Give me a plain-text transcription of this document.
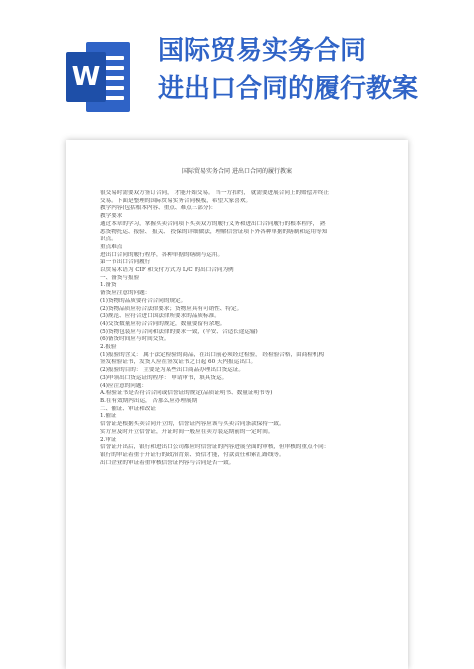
W
国际贸易实务合同
进出口合同的履行教案
国际贸易实务合同 进出口合同的履行教案
很交易时需要双方签订合同， 才能开始交易。 当一方扣约， 就需要进展合同上的赔偿并终止
交易。下面是整理的国际贸易实务合同模板，希望大家喜欢。
教学内容(包括根本内容、重点、难点三部分)：
教学要求
通过本章的学习，掌握买卖合同项下买卖双方的履行义务和进出口合同履行的根本程序， 熟
悉货物托运、报验、 报关、 投保的详细做法，理解信誉证项下外各种单据的缮制和运用等知
识点。
重点难点
进出口合同的履行程序，各种单据的缮制与运用。
第一节出口合同履行
以贸易术语为 CIF 和支付方式为 L/C 的出口合同为例
一、备货与报验
1.备货
备货应注意的问题：
(1)货物的品质要符合合同的规定。
(2)货物品质应符合法律要求；货物应具有可销性、特定。
(3)规范、应符合进口国法律所要求的品质标准。
(4)交货数量应符合合同的规定，数量要留有余地。
(5)货物包装应与合同和法律的要求一致，(平安、合适长途运输)
(6)备货时间应与时间交货。
2.报验
(1)报验的含义： 属于法定检验的商品，在出口前必须经过检验， 经检验合格，由商检机构
签发检验证书，发货人应在签发证书之日起 60 天内报运出口。
(2)报验的目的： 主要是为某些出口商品办理出口货运证。
(3)申领出口货运证的程序： 申请审书，填具货运。
(4)应注意的问题：
A.检验证书是否符合合同或信誉证的规定(品质证明书、数量证明书等)
B.在有效期内出运， 否那么应办理展期
二、催证、审证和改证
1.催证
信誉证是根据买卖合同开立的，信誉证内容应该与买卖合同条款保持一致。
实方应及时开立信誉证，开证时间一般应在卖方装运期前的一定时间。
2.审证
信誉证开出后，银行和进出口公司都应时信誉证的内容进展全面的审核，但审核的重点不同：
银行的审证着重于开证行的政治背景、资信才能，付款责任和索汇路线等。
出口企业的审证着重审核信誉证内容与合同是否一致。
